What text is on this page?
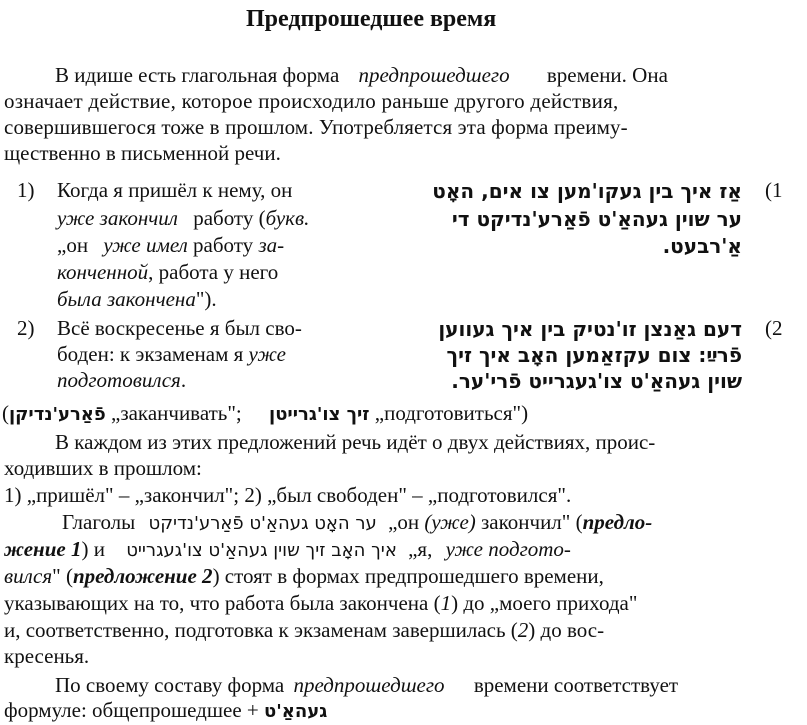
Предпрошедшее время
В идише есть глагольная форма предпрошедшего времени. Она
означает действие, которое происходило раньше другого действия,
совершившегося тоже в прошлом. Употребляется эта форма преиму-
щественно в письменной речи.
1) Когда я пришёл к нему, он
уже закончил работу (букв.
„он уже имел работу за-
конченной, работа у него
была закончена").
אַז איך בין געקו'מען צו אים, האָט (1
ער שוין געהאַ'ט פֿאַרע'נדיקט די
אַ'רבעט.
2) Всё воскресенье я был сво-
боден: к экзаменам я уже
подготовился.
דעם גאַנצן זו'נטיק בין איך געווען (2
פֿרײַ: צום עקזאַמען האָב איך זיך
שוין געהאַ'ט צו'געגרייט פֿרי'ער.
(פֿאַרע'נדיקן „заканчивать"; זיך צו'גרייטן „подготовиться")
В каждом из этих предложений речь идёт о двух действиях, проис-
ходивших в прошлом:
1) „пришёл" – „закончил"; 2) „был свободен" – „подготовился".
Глаголы ער האָט געהאַ'ט פֿאַרע'נדיקט „он (уже) закончил" (предло-
жение 1) и איך האָב זיך שוין געהאַ'ט צו'געגרייט „я, уже подгото-
вился" (предложение 2) стоят в формах предпрошедшего времени,
указывающих на то, что работа была закончена (1) до „моего прихода"
и, соответственно, подготовка к экзаменам завершилась (2) до вос-
кресенья.
По своему составу форма предпрошедшего времени соответствует
формуле: общепрошедшее + געהאַ'ט
